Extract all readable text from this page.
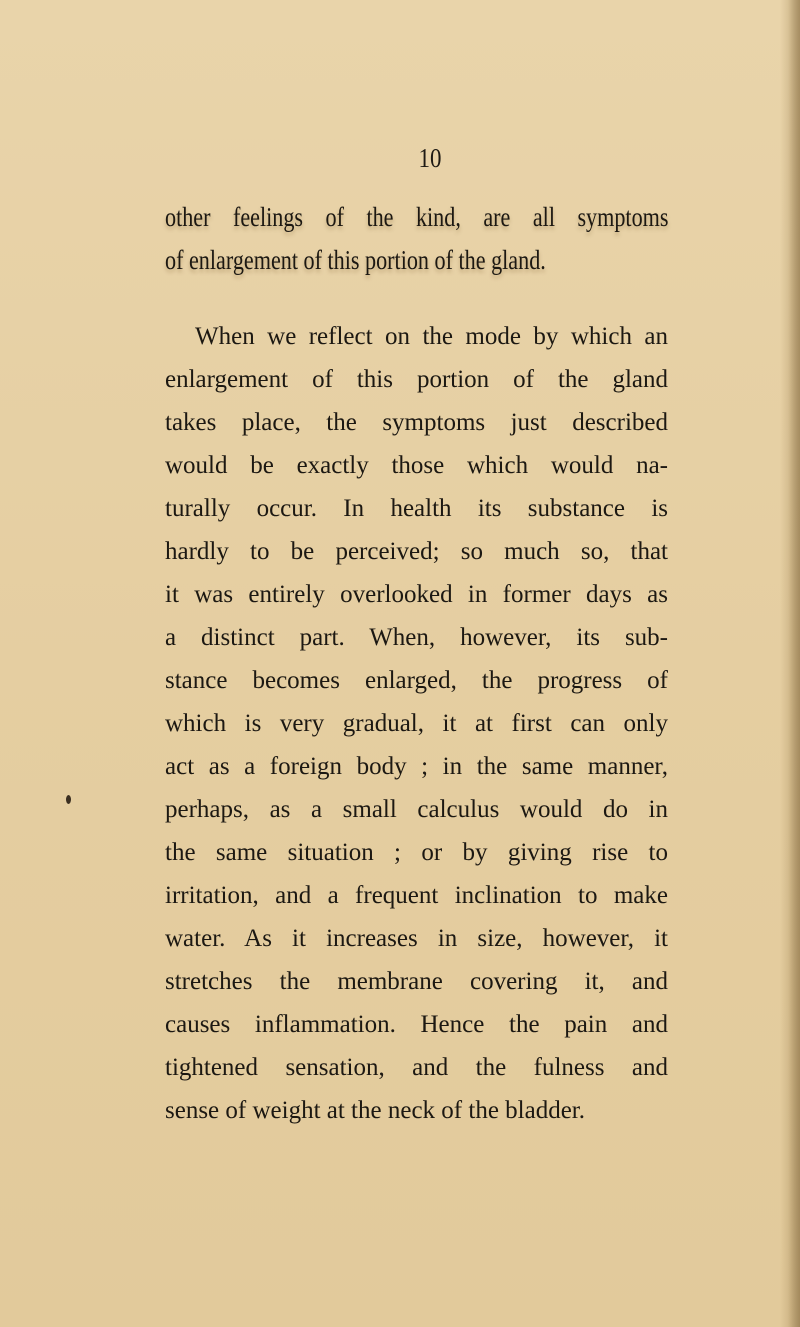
10
other feelings of the kind, are all symptoms
of enlargement of this portion of the gland.
When we reflect on the mode by which an
enlargement of this portion of the gland
takes place, the symptoms just described
would be exactly those which would na-
turally occur. In health its substance is
hardly to be perceived; so much so, that
it was entirely overlooked in former days as
a distinct part. When, however, its sub-
stance becomes enlarged, the progress of
which is very gradual, it at first can only
act as a foreign body ; in the same manner,
perhaps, as a small calculus would do in
the same situation ; or by giving rise to
irritation, and a frequent inclination to make
water. As it increases in size, however, it
stretches the membrane covering it, and
causes inflammation. Hence the pain and
tightened sensation, and the fulness and
sense of weight at the neck of the bladder.
